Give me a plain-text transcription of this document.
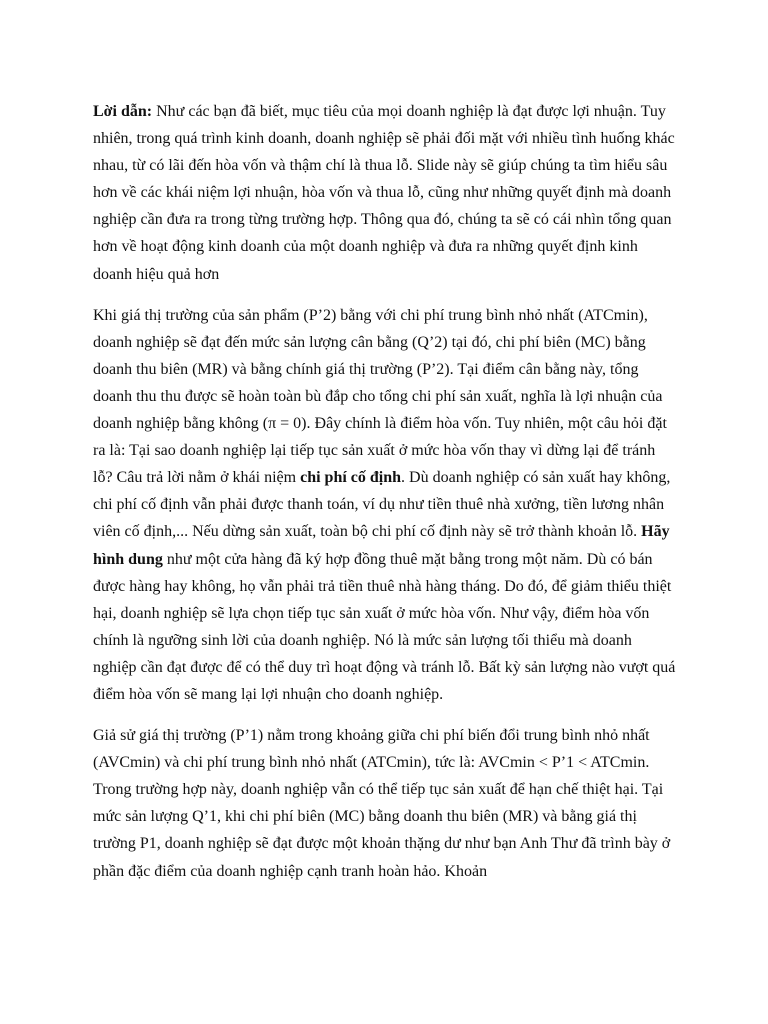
Lời dẫn: Như các bạn đã biết, mục tiêu của mọi doanh nghiệp là đạt được lợi nhuận. Tuy nhiên, trong quá trình kinh doanh, doanh nghiệp sẽ phải đối mặt với nhiều tình huống khác nhau, từ có lãi đến hòa vốn và thậm chí là thua lỗ. Slide này sẽ giúp chúng ta tìm hiểu sâu hơn về các khái niệm lợi nhuận, hòa vốn và thua lỗ, cũng như những quyết định mà doanh nghiệp cần đưa ra trong từng trường hợp. Thông qua đó, chúng ta sẽ có cái nhìn tổng quan hơn về hoạt động kinh doanh của một doanh nghiệp và đưa ra những quyết định kinh doanh hiệu quả hơn

Khi giá thị trường của sản phẩm (P’2) bằng với chi phí trung bình nhỏ nhất (ATCmin), doanh nghiệp sẽ đạt đến mức sản lượng cân bằng (Q’2) tại đó, chi phí biên (MC) bằng doanh thu biên (MR) và bằng chính giá thị trường (P’2). Tại điểm cân bằng này, tổng doanh thu thu được sẽ hoàn toàn bù đắp cho tổng chi phí sản xuất, nghĩa là lợi nhuận của doanh nghiệp bằng không (π = 0). Đây chính là điểm hòa vốn. Tuy nhiên, một câu hỏi đặt ra là: Tại sao doanh nghiệp lại tiếp tục sản xuất ở mức hòa vốn thay vì dừng lại để tránh lỗ? Câu trả lời nằm ở khái niệm chi phí cố định. Dù doanh nghiệp có sản xuất hay không, chi phí cố định vẫn phải được thanh toán, ví dụ như tiền thuê nhà xưởng, tiền lương nhân viên cố định,... Nếu dừng sản xuất, toàn bộ chi phí cố định này sẽ trở thành khoản lỗ. Hãy hình dung như một cửa hàng đã ký hợp đồng thuê mặt bằng trong một năm. Dù có bán được hàng hay không, họ vẫn phải trả tiền thuê nhà hàng tháng. Do đó, để giảm thiểu thiệt hại, doanh nghiệp sẽ lựa chọn tiếp tục sản xuất ở mức hòa vốn. Như vậy, điểm hòa vốn chính là ngưỡng sinh lời của doanh nghiệp. Nó là mức sản lượng tối thiểu mà doanh nghiệp cần đạt được để có thể duy trì hoạt động và tránh lỗ. Bất kỳ sản lượng nào vượt quá điểm hòa vốn sẽ mang lại lợi nhuận cho doanh nghiệp.

Giả sử giá thị trường (P’1) nằm trong khoảng giữa chi phí biến đổi trung bình nhỏ nhất (AVCmin) và chi phí trung bình nhỏ nhất (ATCmin), tức là: AVCmin < P’1 < ATCmin. Trong trường hợp này, doanh nghiệp vẫn có thể tiếp tục sản xuất để hạn chế thiệt hại. Tại mức sản lượng Q’1, khi chi phí biên (MC) bằng doanh thu biên (MR) và bằng giá thị trường P1, doanh nghiệp sẽ đạt được một khoản thặng dư như bạn Anh Thư đã trình bày ở phần đặc điểm của doanh nghiệp cạnh tranh hoàn hảo. Khoản
